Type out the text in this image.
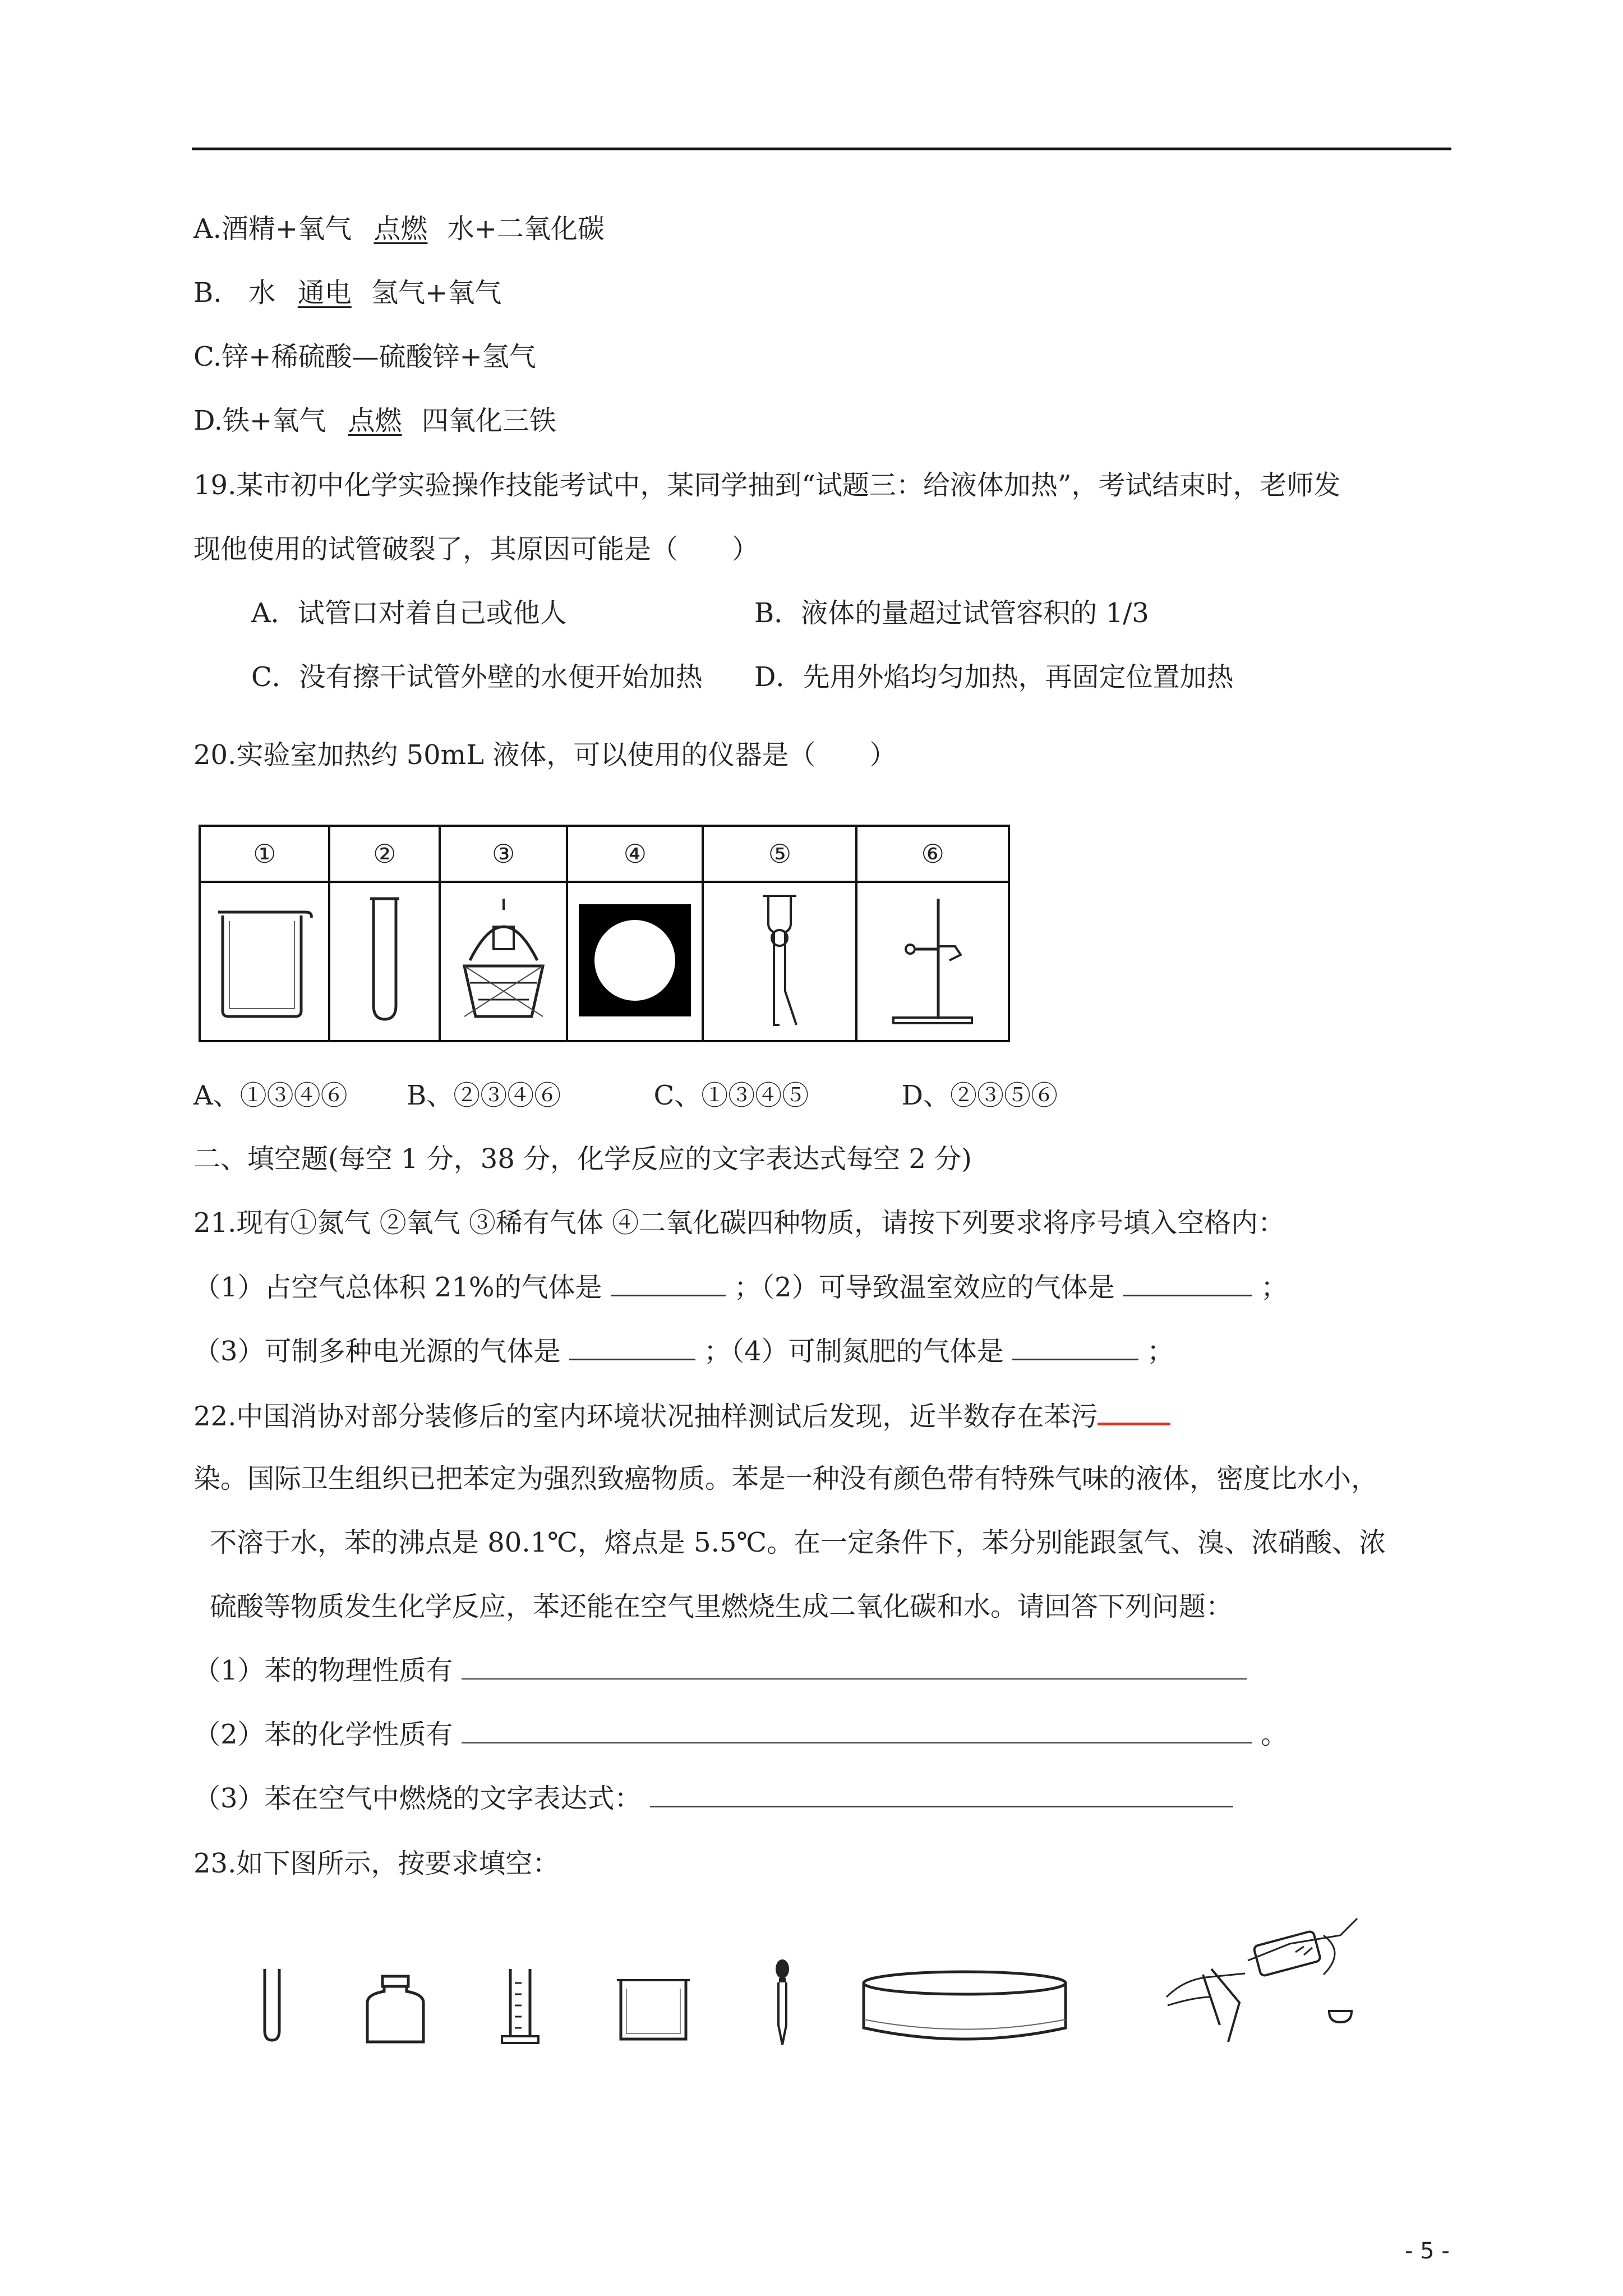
A.酒精+氧气 点燃 水+二氧化碳
B.　水 通电 氢气+氧气
C.锌+稀硫酸—硫酸锌+氢气
D.铁+氧气 点燃 四氧化三铁
19.某市初中化学实验操作技能考试中，某同学抽到“试题三：给液体加热”，考试结束时，老师发
现他使用的试管破裂了，其原因可能是（　　）
A．试管口对着自己或他人	B．液体的量超过试管容积的 1/3
C．没有擦干试管外壁的水便开始加热 D．先用外焰均匀加热，再固定位置加热
20.实验室加热约 50mL 液体，可以使用的仪器是（　　）
①	②	③	④	⑤	⑥

A、①③④⑥ B、②③④⑥	C、①③④⑤	D、②③⑤⑥
二、填空题(每空 1 分，38 分，化学反应的文字表达式每空 2 分)
21.现有①氮气 ②氧气 ③稀有气体 ④二氧化碳四种物质，请按下列要求将序号填入空格内：
（1）占空气总体积 21%的气体是	；（2）可导致温室效应的气体是	；
（3）可制多种电光源的气体是	；（4）可制氮肥的气体是	；
22.中国消协对部分装修后的室内环境状况抽样测试后发现，近半数存在苯污
染。国际卫生组织已把苯定为强烈致癌物质。苯是一种没有颜色带有特殊气味的液体，密度比水小，
不溶于水，苯的沸点是 80.1℃，熔点是 5.5℃。在一定条件下，苯分别能跟氢气、溴、浓硝酸、浓
硫酸等物质发生化学反应，苯还能在空气里燃烧生成二氧化碳和水。请回答下列问题：
（1）苯的物理性质有
（2）苯的化学性质有	。
（3）苯在空气中燃烧的文字表达式：
23.如下图所示，按要求填空：
- 5 -
